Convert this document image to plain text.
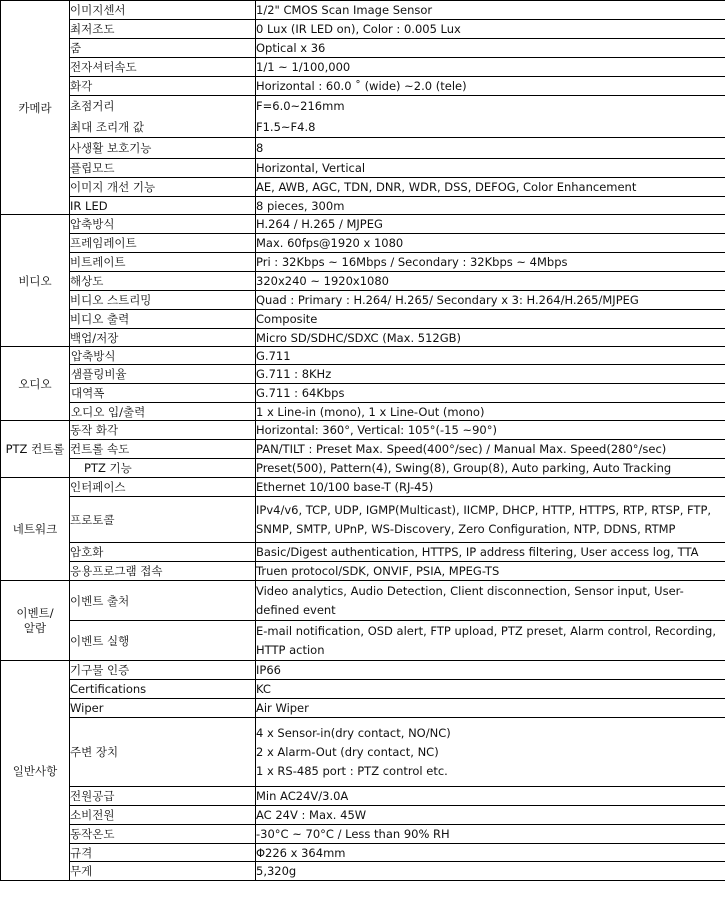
카메라	이미지센서	1/2" CMOS Scan Image Sensor
	최저조도	0 Lux (IR LED on), Color : 0.005 Lux
	줌	Optical x 36
	전자셔터속도	1/1 ~ 1/100,000
	화각	Horizontal : 60.0 ˚ (wide) ~2.0 (tele)
	초점거리	F=6.0~216mm
	최대 조리개 값	F1.5~F4.8
	사생활 보호기능	8
	플립모드	Horizontal, Vertical
	이미지 개선 기능	AE, AWB, AGC, TDN, DNR, WDR, DSS, DEFOG, Color Enhancement
	IR LED	8 pieces, 300m
비디오	압축방식	H.264 / H.265 / MJPEG
	프레임레이트	Max. 60fps@1920 x 1080
	비트레이트	Pri : 32Kbps ~ 16Mbps / Secondary : 32Kbps ~ 4Mbps
	해상도	320x240 ~ 1920x1080
	비디오 스트리밍	Quad : Primary : H.264/ H.265/ Secondary x 3: H.264/H.265/MJPEG
	비디오 출력	Composite
	백업/저장	Micro SD/SDHC/SDXC (Max. 512GB)
오디오	압축방식	G.711
	샘플링비율	G.711 : 8KHz
	대역폭	G.711 : 64Kbps
	오디오 입/출력	1 x Line-in (mono), 1 x Line-Out (mono)
PTZ 컨트롤	동작 화각	Horizontal: 360°, Vertical: 105°(-15 ~90°)
	컨트롤 속도	PAN/TILT : Preset Max. Speed(400°/sec) / Manual Max. Speed(280°/sec)
	PTZ 기능	Preset(500), Pattern(4), Swing(8), Group(8), Auto parking, Auto Tracking
네트워크	인터페이스	Ethernet 10/100 base-T (RJ-45)
	프로토콜	IPv4/v6, TCP, UDP, IGMP(Multicast), IICMP, DHCP, HTTP, HTTPS, RTP, RTSP, FTP,
SNMP, SMTP, UPnP, WS-Discovery, Zero Configuration, NTP, DDNS, RTMP

	암호화	Basic/Digest authentication, HTTPS, IP address filtering, User access log, TTA
	응용프로그램 접속	Truen protocol/SDK, ONVIF, PSIA, MPEG-TS

이벤트/
알람	이벤트 출처	Video analytics, Audio Detection, Client disconnection, Sensor input, User-
defined event

	이벤트 실행	E-mail notification, OSD alert, FTP upload, PTZ preset, Alarm control, Recording,
HTTP action

일반사항	기구물 인증	IP66
	Certifications	KC
	Wiper	Air Wiper
	주변 장치	4 x Sensor-in(dry contact, NO/NC)
2 x Alarm-Out (dry contact, NC)
1 x RS-485 port : PTZ control etc.

	전원공급	Min AC24V/3.0A
	소비전원	AC 24V : Max. 45W
	동작온도	-30°C ~ 70°C / Less than 90% RH
	규격	Φ226 x 364mm
	무게	5,320g
